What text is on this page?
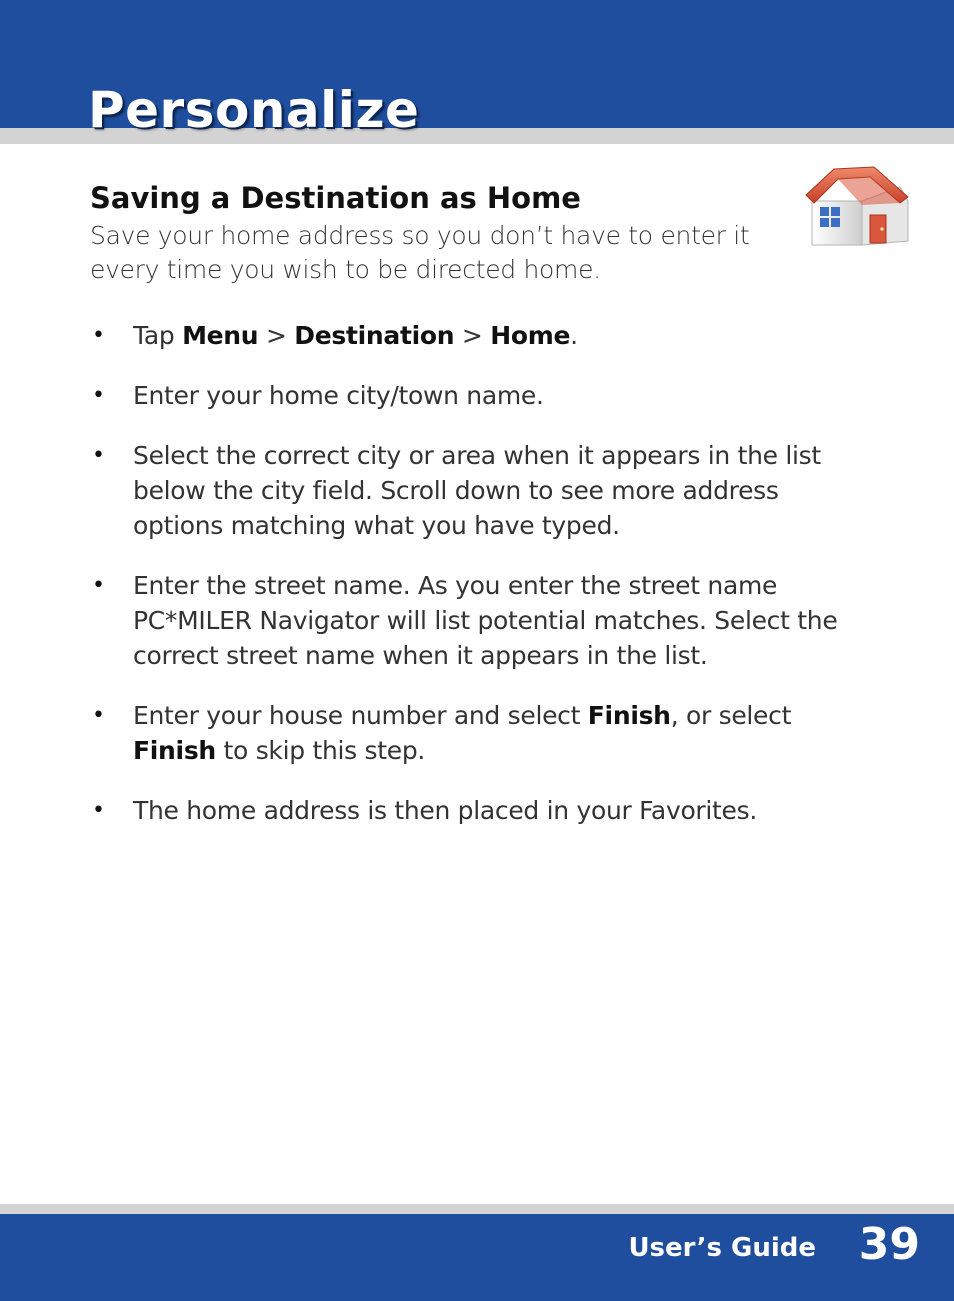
Personalize
Saving a Destination as Home

Save your home address so you don’t have to enter it every time you wish to be directed home.

• Tap Menu > Destination > Home.
• Enter your home city/town name.
• Select the correct city or area when it appears in the list below the city field. Scroll down to see more address options matching what you have typed.
• Enter the street name. As you enter the street name PC*MILER Navigator will list potential matches. Select the correct street name when it appears in the list.
• Enter your house number and select Finish, or select Finish to skip this step.
• The home address is then placed in your Favorites.
User’s Guide 39
